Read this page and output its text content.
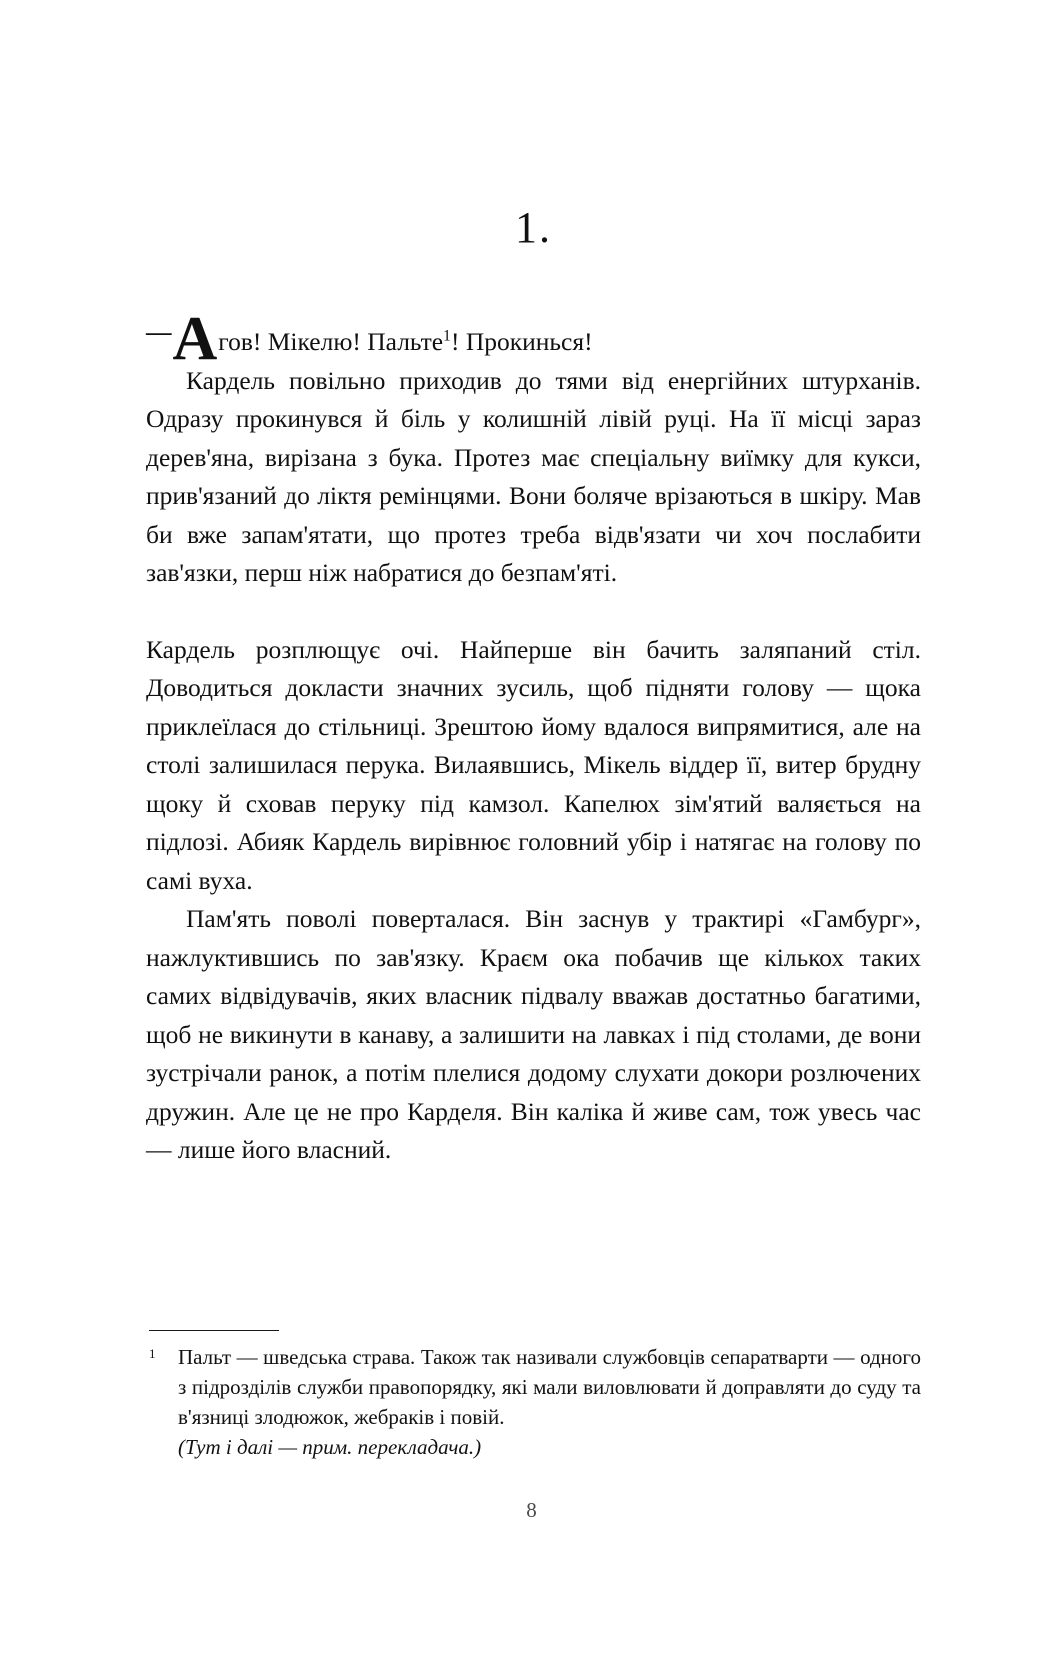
1.

—Агов! Мікелю! Пальте$^1$! Прокинься!

Кардель повільно приходив до тями від енергійних штурханів. Одразу прокинувся й біль у колишній лівій руці. На її місці зараз дерев'яна, вирізана з бука. Протез має спеціальну виїмку для кукси, прив'язаний до ліктя ремінцями. Вони боляче врізаються в шкіру. Мав би вже запам'ятати, що протез треба відв'язати чи хоч послабити зав'язки, перш ніж набратися до безпам'яті.

Кардель розплющує очі. Найперше він бачить заляпаний стіл. Доводиться докласти значних зусиль, щоб підняти голову — щока приклеїлася до стільниці. Зрештою йому вдалося випрямитися, але на столі залишилася перука. Вилаявшись, Мікель віддер її, витер брудну щоку й сховав перуку під камзол. Капелюх зім'ятий валяється на підлозі. Абияк Кардель вирівнює головний убір і натягає на голову по самі вуха.

Пам'ять поволі поверталася. Він заснув у трактирі «Гамбург», нажлуктившись по зав'язку. Краєм ока побачив ще кількох таких самих відвідувачів, яких власник підвалу вважав достатньо багатими, щоб не викинути в канаву, а залишити на лавках і під столами, де вони зустрічали ранок, а потім плелися додому слухати докори розлючених дружин. Але це не про Карделя. Він каліка й живе сам, тож увесь час — лише його власний.

1 Пальт — шведська страва. Також так називали службовців сепаратварти — одного з підрозділів служби правопорядку, які мали виловлювати й доправляти до суду та в'язниці злодюжок, жебраків і повій.
(Тут і далі — прим. перекладача.)
8
